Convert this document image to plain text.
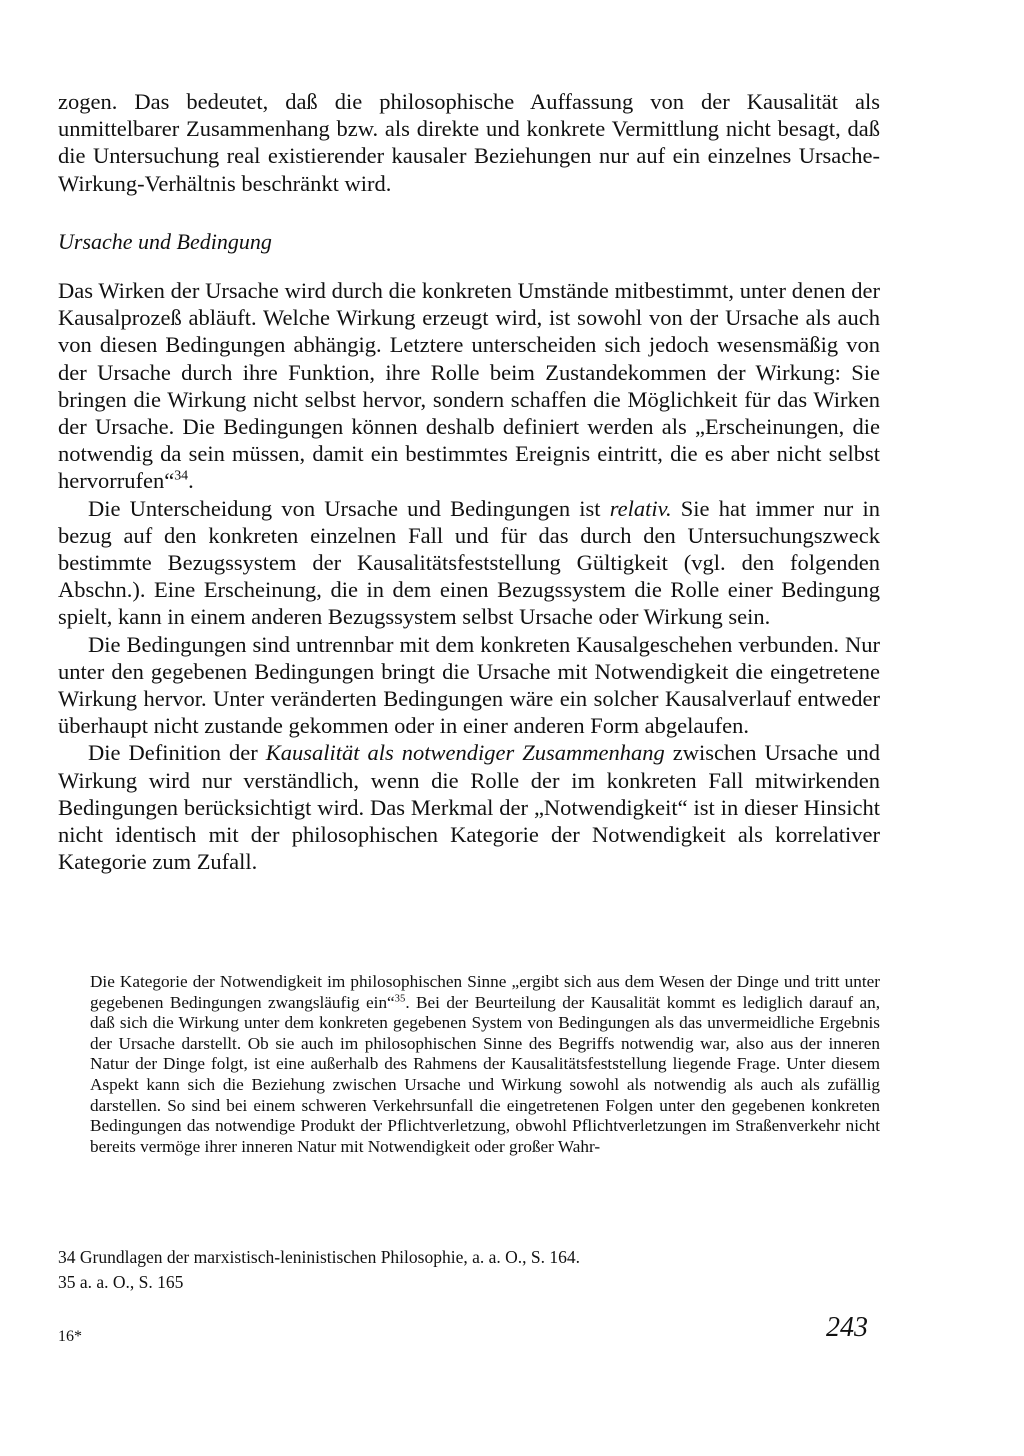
zogen. Das bedeutet, daß die philosophische Auffassung von der Kausalität als unmittelbarer Zusammenhang bzw. als direkte und konkrete Vermittlung nicht besagt, daß die Untersuchung real existierender kausaler Beziehungen nur auf ein einzelnes Ursache-Wirkung-Verhältnis beschränkt wird.

Ursache und Bedingung

Das Wirken der Ursache wird durch die konkreten Umstände mitbestimmt, unter denen der Kausalprozeß abläuft. Welche Wirkung erzeugt wird, ist sowohl von der Ursache als auch von diesen Bedingungen abhängig. Letztere unterscheiden sich jedoch wesensmäßig von der Ursache durch ihre Funktion, ihre Rolle beim Zustandekommen der Wirkung: Sie bringen die Wirkung nicht selbst hervor, sondern schaffen die Möglichkeit für das Wirken der Ursache. Die Bedingungen können deshalb definiert werden als „Erscheinungen, die notwendig da sein müssen, damit ein bestimmtes Ereignis eintritt, die es aber nicht selbst hervorrufen“$^{34}$.

Die Unterscheidung von Ursache und Bedingungen ist relativ. Sie hat immer nur in bezug auf den konkreten einzelnen Fall und für das durch den Untersuchungszweck bestimmte Bezugssystem der Kausalitätsfeststellung Gültigkeit (vgl. den folgenden Abschn.). Eine Erscheinung, die in dem einen Bezugssystem die Rolle einer Bedingung spielt, kann in einem anderen Bezugssystem selbst Ursache oder Wirkung sein.

Die Bedingungen sind untrennbar mit dem konkreten Kausalgeschehen verbunden. Nur unter den gegebenen Bedingungen bringt die Ursache mit Notwendigkeit die eingetretene Wirkung hervor. Unter veränderten Bedingungen wäre ein solcher Kausalverlauf entweder überhaupt nicht zustande gekommen oder in einer anderen Form abgelaufen.

Die Definition der Kausalität als notwendiger Zusammenhang zwischen Ursache und Wirkung wird nur verständlich, wenn die Rolle der im konkreten Fall mitwirkenden Bedingungen berücksichtigt wird. Das Merkmal der „Notwendigkeit“ ist in dieser Hinsicht nicht identisch mit der philosophischen Kategorie der Notwendigkeit als korrelativer Kategorie zum Zufall.

Die Kategorie der Notwendigkeit im philosophischen Sinne „ergibt sich aus dem Wesen der Dinge und tritt unter gegebenen Bedingungen zwangsläufig ein“$^{35}$. Bei der Beurteilung der Kausalität kommt es lediglich darauf an, daß sich die Wirkung unter dem konkreten gegebenen System von Bedingungen als das unvermeidliche Ergebnis der Ursache darstellt. Ob sie auch im philosophischen Sinne des Begriffs notwendig war, also aus der inneren Natur der Dinge folgt, ist eine außerhalb des Rahmens der Kausalitätsfeststellung liegende Frage. Unter diesem Aspekt kann sich die Beziehung zwischen Ursache und Wirkung sowohl als notwendig als auch als zufällig darstellen. So sind bei einem schweren Verkehrsunfall die eingetretenen Folgen unter den gegebenen konkreten Bedingungen das notwendige Produkt der Pflichtverletzung, obwohl Pflichtverletzungen im Straßenverkehr nicht bereits vermöge ihrer inneren Natur mit Notwendigkeit oder großer Wahr-

34 Grundlagen der marxistisch-leninistischen Philosophie, a. a. O., S. 164.
35 a. a. O., S. 165
16*	243
